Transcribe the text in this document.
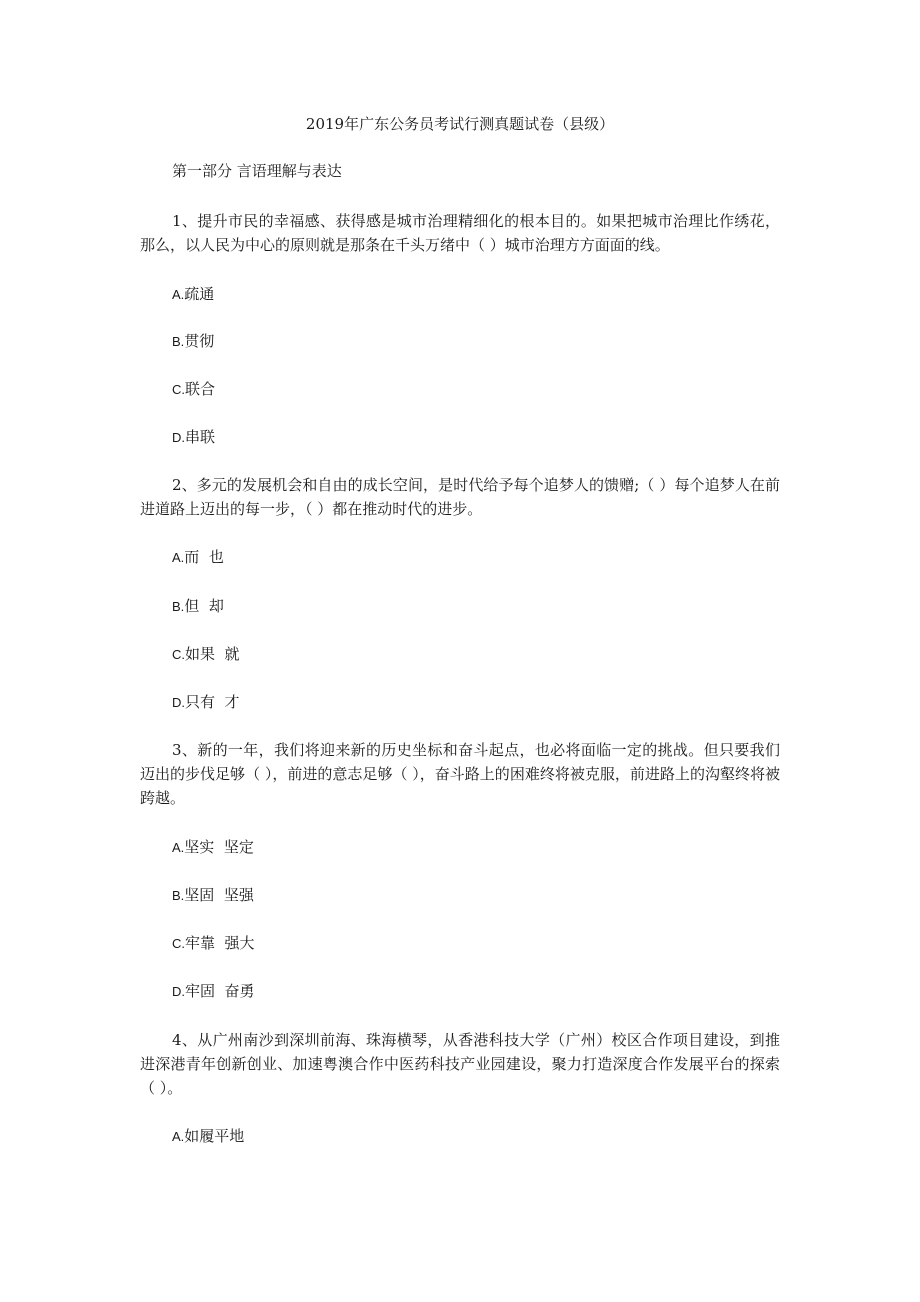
2019年广东公务员考试行测真题试卷（县级）
第一部分 言语理解与表达
1、提升市民的幸福感、获得感是城市治理精细化的根本目的。如果把城市治理比作绣花，那么，以人民为中心的原则就是那条在千头万绪中（ ）城市治理方方面面的线。
A.疏通
B.贯彻
C.联合
D.串联
2、多元的发展机会和自由的成长空间，是时代给予每个追梦人的馈赠;（ ）每个追梦人在前进道路上迈出的每一步，（ ）都在推动时代的进步。
A.而  也
B.但  却
C.如果  就
D.只有  才
3、新的一年，我们将迎来新的历史坐标和奋斗起点，也必将面临一定的挑战。但只要我们迈出的步伐足够（ ），前进的意志足够（ ），奋斗路上的困难终将被克服，前进路上的沟壑终将被跨越。
A.坚实  坚定
B.坚固  坚强
C.牢靠  强大
D.牢固  奋勇
4、从广州南沙到深圳前海、珠海横琴，从香港科技大学（广州）校区合作项目建设，到推进深港青年创新创业、加速粤澳合作中医药科技产业园建设，聚力打造深度合作发展平台的探索（ ）。
A.如履平地
